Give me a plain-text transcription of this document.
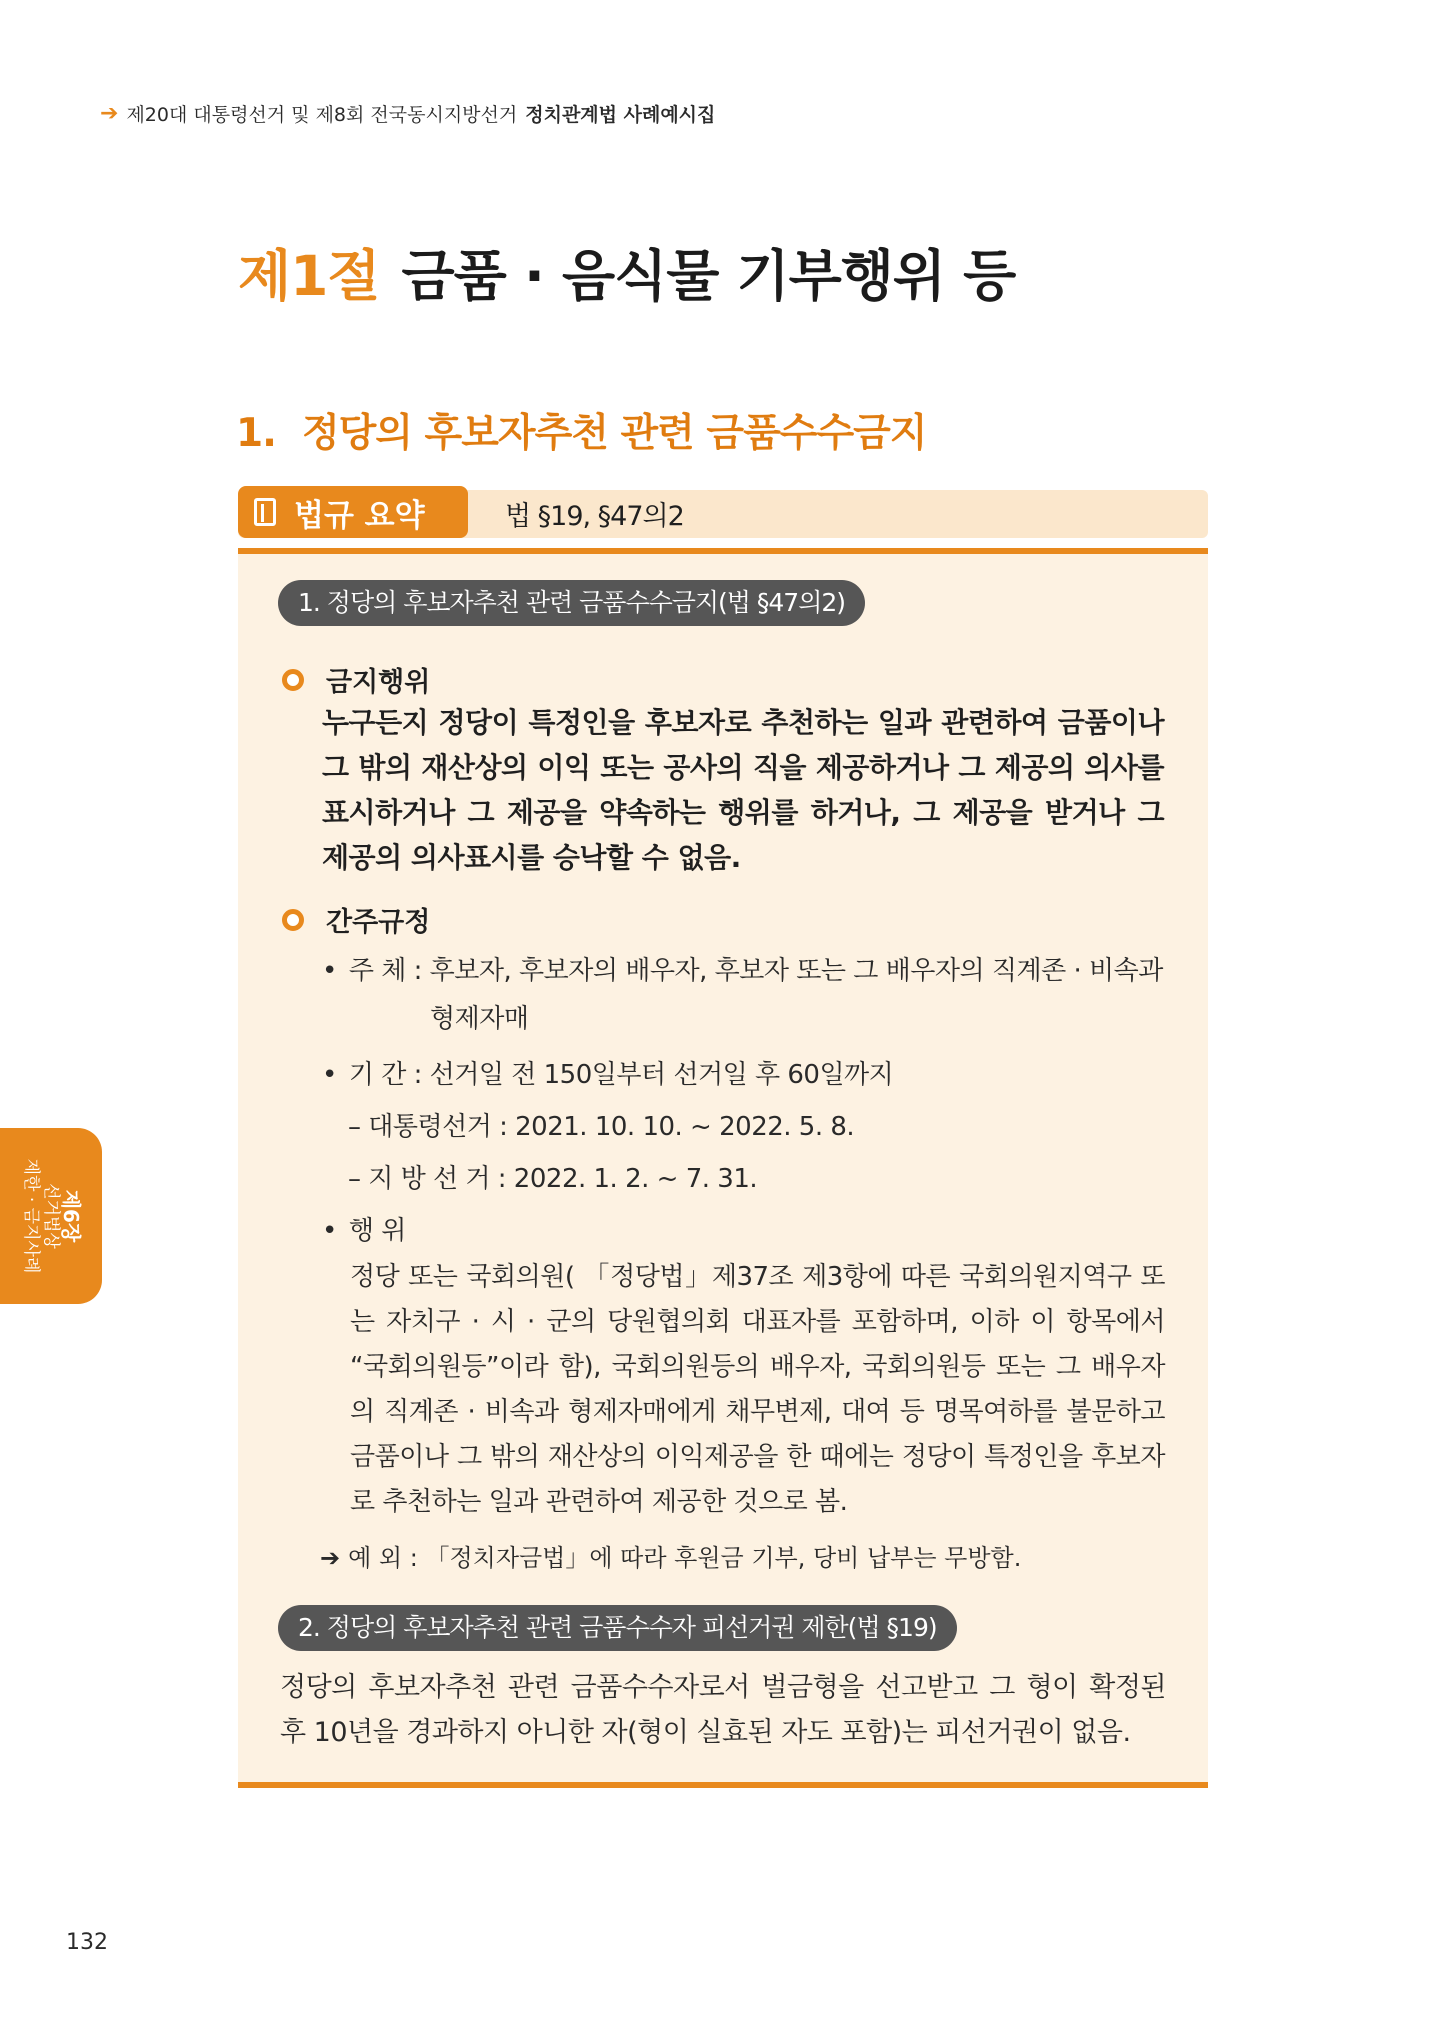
➔ 제20대 대통령선거 및 제8회 전국동시지방선거 정치관계법 사례예시집
제1절 금품 · 음식물 기부행위 등
1. 정당의 후보자추천 관련 금품수수금지
법규 요약	법 §19, §47의2
1. 정당의 후보자추천 관련 금품수수금지(법 §47의2)
금지행위
누구든지 정당이 특정인을 후보자로 추천하는 일과 관련하여 금품이나 그 밖의 재산상의 이익 또는 공사의 직을 제공하거나 그 제공의 의사를 표시하거나 그 제공을 약속하는 행위를 하거나, 그 제공을 받거나 그 제공의 의사표시를 승낙할 수 없음.
간주규정
• 주 체 : 후보자, 후보자의 배우자, 후보자 또는 그 배우자의 직계존 · 비속과
형제자매
• 기 간 : 선거일 전 150일부터 선거일 후 60일까지
– 대통령선거 : 2021. 10. 10. ~ 2022. 5. 8.
– 지 방 선 거 : 2022. 1. 2. ~ 7. 31.
• 행 위
정당 또는 국회의원( 「정당법」제37조 제3항에 따른 국회의원지역구 또는 자치구 · 시 · 군의 당원협의회 대표자를 포함하며, 이하 이 항목에서 “국회의원등”이라 함), 국회의원등의 배우자, 국회의원등 또는 그 배우자의 직계존 · 비속과 형제자매에게 채무변제, 대여 등 명목여하를 불문하고 금품이나 그 밖의 재산상의 이익제공을 한 때에는 정당이 특정인을 후보자로 추천하는 일과 관련하여 제공한 것으로 봄.
➔ 예 외 : 「정치자금법」에 따라 후원금 기부, 당비 납부는 무방함.
2. 정당의 후보자추천 관련 금품수수자 피선거권 제한(법 §19)
정당의 후보자추천 관련 금품수수자로서 벌금형을 선고받고 그 형이 확정된 후 10년을 경과하지 아니한 자(형이 실효된 자도 포함)는 피선거권이 없음.
제6장
선거법상
제한 · 금지사례
132
